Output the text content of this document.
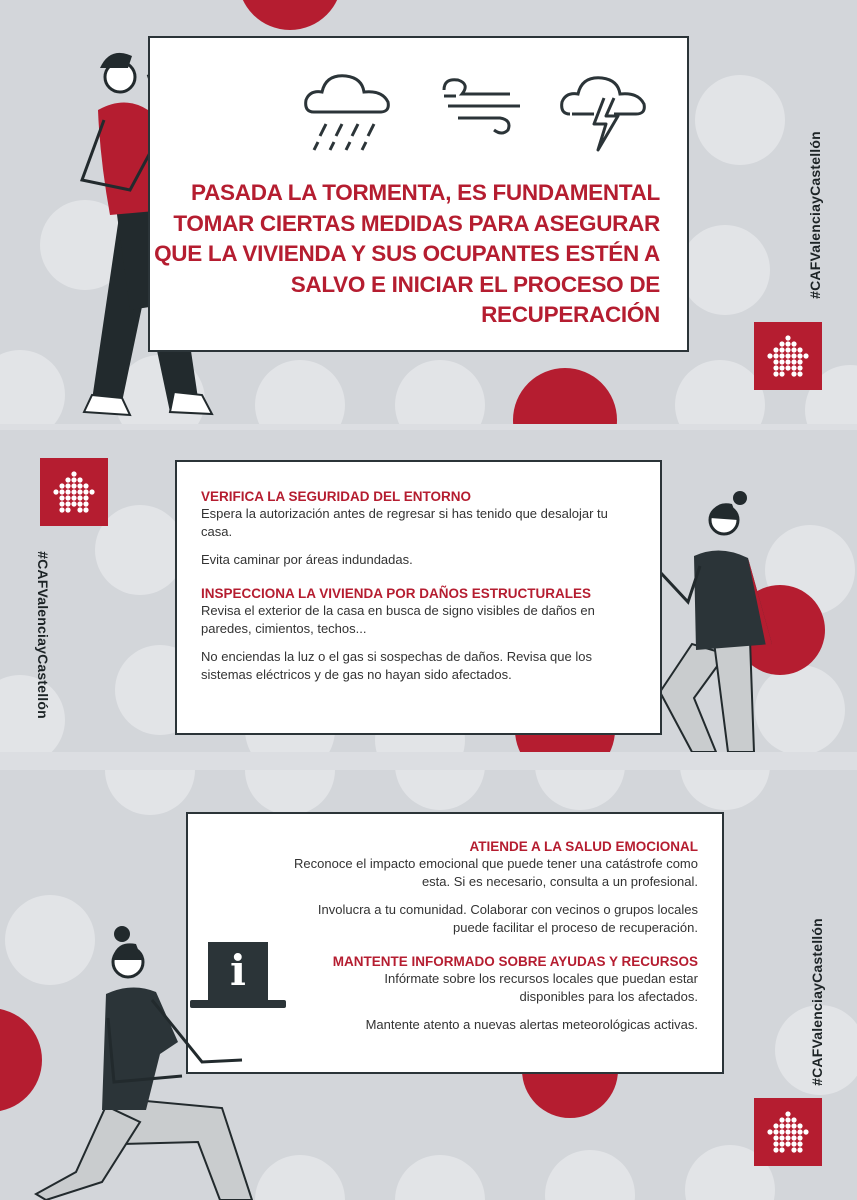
PASADA LA TORMENTA, ES FUNDAMENTAL TOMAR CIERTAS MEDIDAS PARA ASEGURAR QUE LA VIVIENDA Y SUS OCUPANTES ESTÉN A SALVO E INICIAR EL PROCESO DE RECUPERACIÓN
#CAFValenciayCastellón
#CAFValenciayCastellón

VERIFICA LA SEGURIDAD DEL ENTORNO

Espera la autorización antes de regresar si has tenido que desalojar tu casa.

Evita caminar por áreas indundadas.

INSPECCIONA LA VIVIENDA POR DAÑOS ESTRUCTURALES

Revisa el exterior de la casa en busca de signo visibles de daños en paredes, cimientos, techos...

No enciendas la luz o el gas si sospechas de daños. Revisa que los sistemas eléctricos y de gas no hayan sido afectados.

ATIENDE A LA SALUD EMOCIONAL

Reconoce el impacto emocional que puede tener una catástrofe como esta. Si es necesario, consulta a un profesional.

Involucra a tu comunidad. Colaborar con vecinos o grupos locales puede facilitar el proceso de recuperación.

MANTENTE INFORMADO SOBRE AYUDAS Y RECURSOS

Infórmate sobre los recursos locales que puedan estar disponibles para los afectados.

Mantente atento a nuevas alertas meteorológicas activas.

i	#CAFValenciayCastellón
